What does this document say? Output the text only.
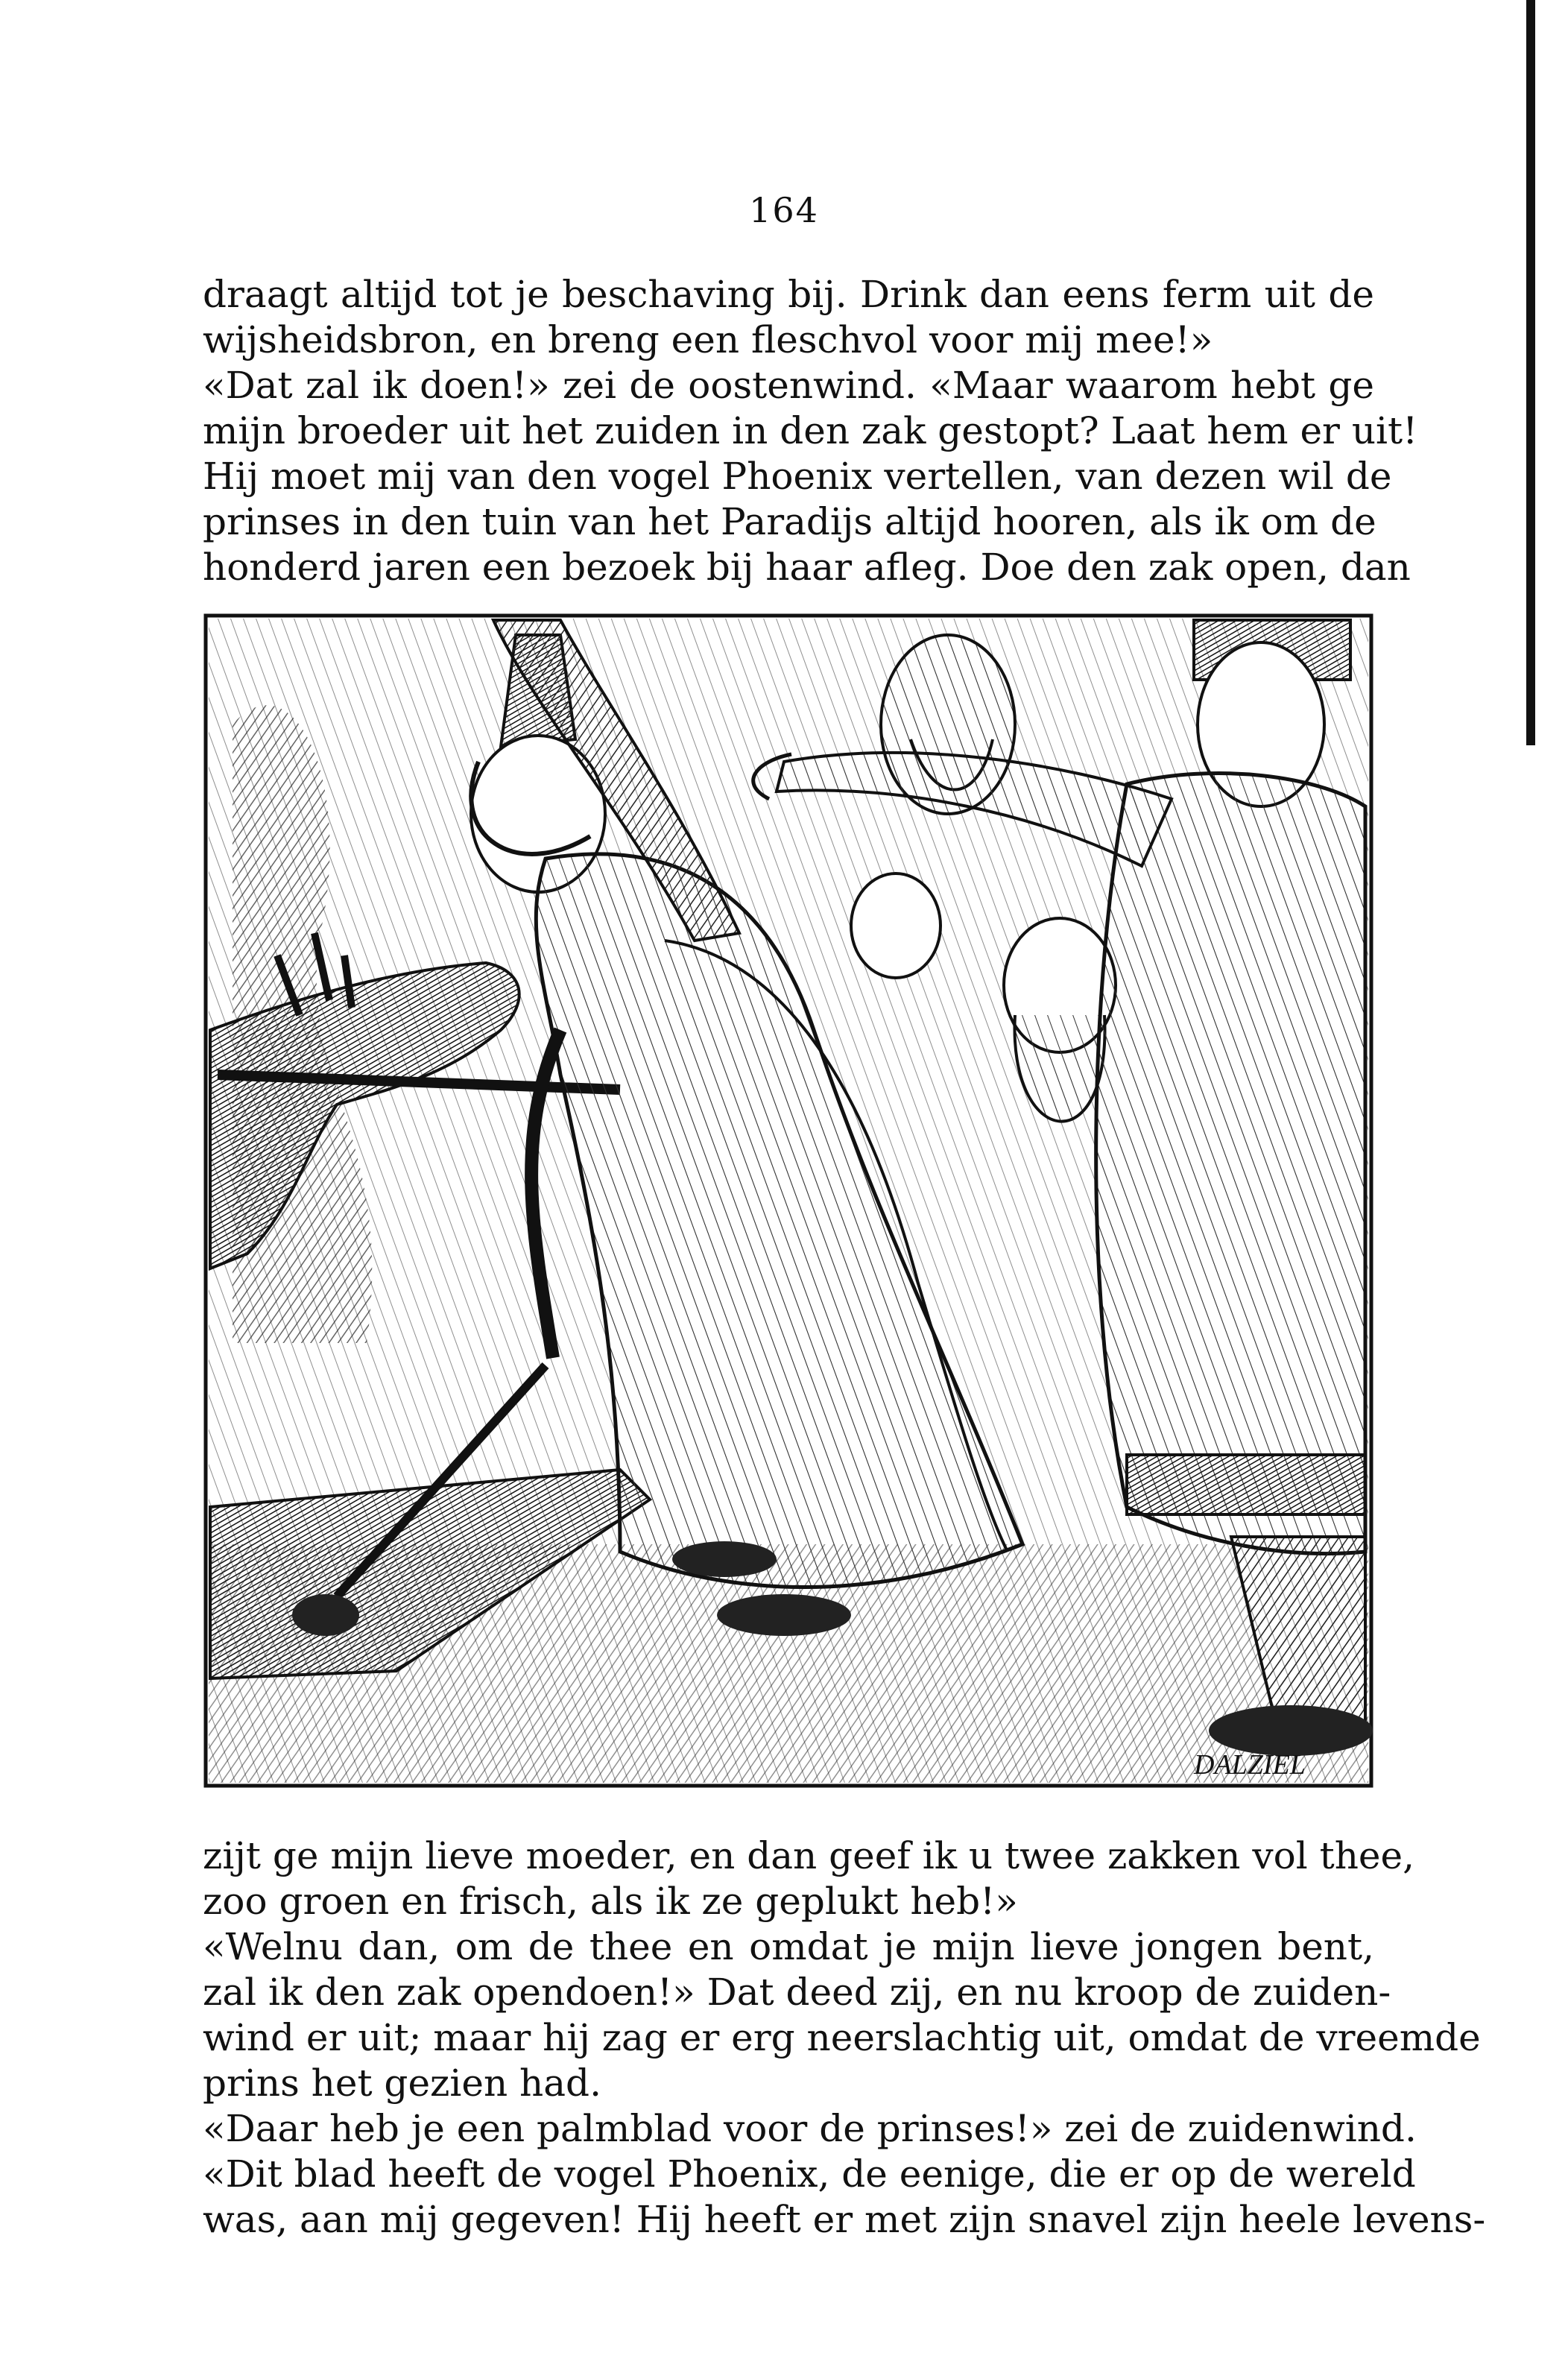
164
draagt altijd tot je beschaving bij. Drink dan eens ferm uit de
wijsheidsbron, en breng een fleschvol voor mij mee!»
«Dat zal ik doen!» zei de oostenwind. «Maar waarom hebt ge
mijn broeder uit het zuiden in den zak gestopt? Laat hem er uit!
Hij moet mij van den vogel Phoenix vertellen, van dezen wil de
prinses in den tuin van het Paradijs altijd hooren, als ik om de
honderd jaren een bezoek bij haar afleg. Doe den zak open, dan
DALZIEL
zijt ge mijn lieve moeder, en dan geef ik u twee zakken vol thee,
zoo groen en frisch, als ik ze geplukt heb!»
«Welnu dan, om de thee en omdat je mijn lieve jongen bent,
zal ik den zak opendoen!» Dat deed zij, en nu kroop de zuiden-
wind er uit; maar hij zag er erg neerslachtig uit, omdat de vreemde
prins het gezien had.
«Daar heb je een palmblad voor de prinses!» zei de zuidenwind.
«Dit blad heeft de vogel Phoenix, de eenige, die er op de wereld
was, aan mij gegeven! Hij heeft er met zijn snavel zijn heele levens-
